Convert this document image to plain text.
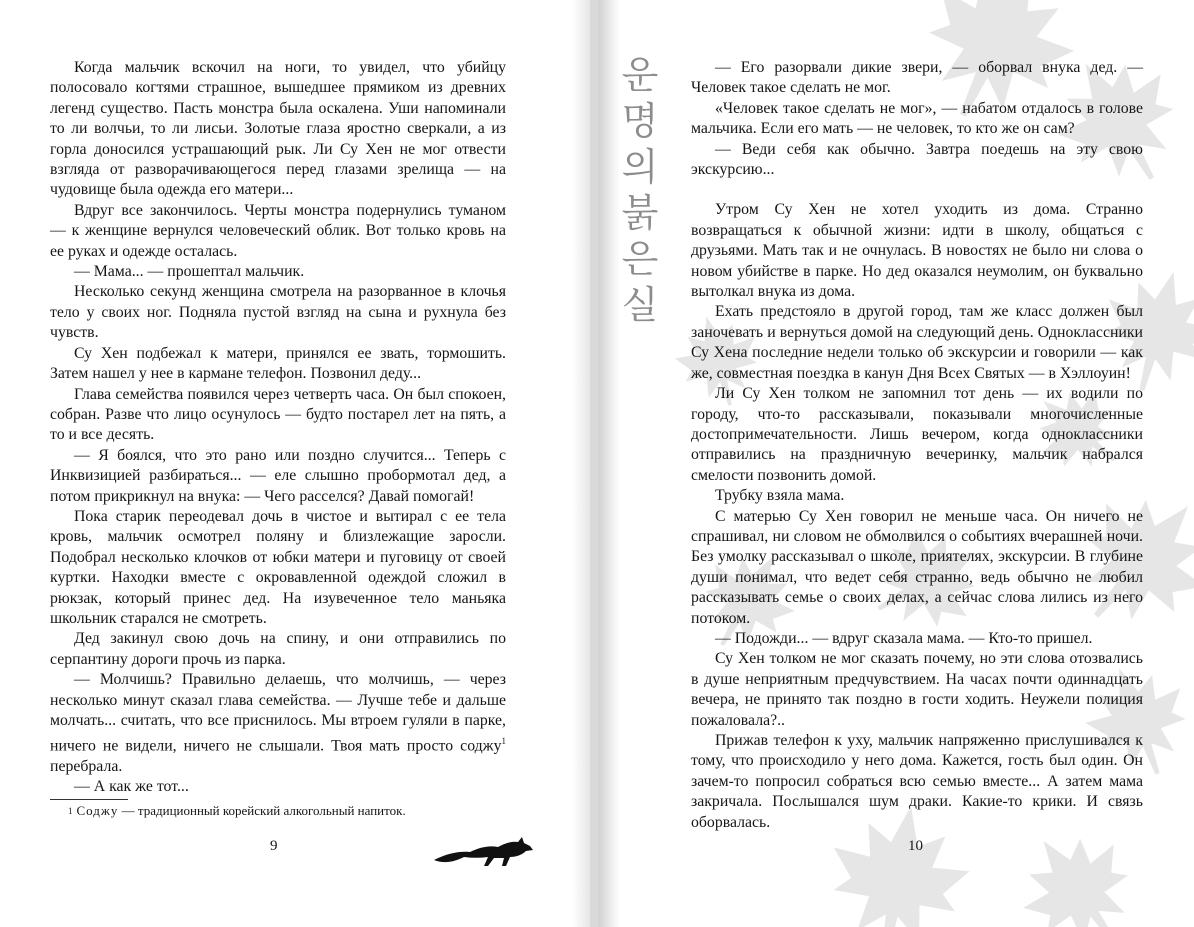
Когда мальчик вскочил на ноги, то увидел, что убийцу полосовало когтями страшное, вышедшее прямиком из древних легенд существо. Пасть монстра была оскалена. Уши напоминали то ли волчьи, то ли лисьи. Золотые глаза яростно сверкали, а из горла доносился устрашающий рык. Ли Су Хен не мог отвести взгляда от разворачивающегося перед глазами зрелища — на чудовище была одежда его матери...

Вдруг все закончилось. Черты монстра подернулись туманом — к женщине вернулся человеческий облик. Вот только кровь на ее руках и одежде осталась.

— Мама... — прошептал мальчик.

Несколько секунд женщина смотрела на разорванное в клочья тело у своих ног. Подняла пустой взгляд на сына и рухнула без чувств.

Су Хен подбежал к матери, принялся ее звать, тормошить. Затем нашел у нее в кармане телефон. Позвонил деду...

Глава семейства появился через четверть часа. Он был спокоен, собран. Разве что лицо осунулось — будто постарел лет на пять, а то и все десять.

— Я боялся, что это рано или поздно случится... Теперь с Инквизицией разбираться... — еле слышно пробормотал дед, а потом прикрикнул на внука: — Чего расселся? Давай помогай!

Пока старик переодевал дочь в чистое и вытирал с ее тела кровь, мальчик осмотрел поляну и близлежащие заросли. Подобрал несколько клочков от юбки матери и пуговицу от своей куртки. Находки вместе с окровавленной одеждой сложил в рюкзак, который принес дед. На изувеченное тело маньяка школьник старался не смотреть.

Дед закинул свою дочь на спину, и они отправились по серпантину дороги прочь из парка.

— Молчишь? Правильно делаешь, что молчишь, — через несколько минут сказал глава семейства. — Лучше тебе и дальше молчать... считать, что все приснилось. Мы втроем гуляли в парке, ничего не видели, ничего не слышали. Твоя мать просто соджу$^1$ перебрала.

— А как же тот...

$^1$ Соджу — традиционный корейский алкогольный напиток.
9
운명의붉은실

— Его разорвали дикие звери, — оборвал внука дед. — Человек такое сделать не мог.

«Человек такое сделать не мог», — набатом отдалось в голове мальчика. Если его мать — не человек, то кто же он сам?

— Веди себя как обычно. Завтра поедешь на эту свою экскурсию...

Утром Су Хен не хотел уходить из дома. Странно возвращаться к обычной жизни: идти в школу, общаться с друзьями. Мать так и не очнулась. В новостях не было ни слова о новом убийстве в парке. Но дед оказался неумолим, он буквально вытолкал внука из дома.

Ехать предстояло в другой город, там же класс должен был заночевать и вернуться домой на следующий день. Одноклассники Су Хена последние недели только об экскурсии и говорили — как же, совместная поездка в канун Дня Всех Святых — в Хэллоуин!

Ли Су Хен толком не запомнил тот день — их водили по городу, что-то рассказывали, показывали многочисленные достопримечательности. Лишь вечером, когда одноклассники отправились на праздничную вечеринку, мальчик набрался смелости позвонить домой.

Трубку взяла мама.

С матерью Су Хен говорил не меньше часа. Он ничего не спрашивал, ни словом не обмолвился о событиях вчерашней ночи. Без умолку рассказывал о школе, приятелях, экскурсии. В глубине души понимал, что ведет себя странно, ведь обычно не любил рассказывать семье о своих делах, а сейчас слова лились из него потоком.

— Подожди... — вдруг сказала мама. — Кто-то пришел.

Су Хен толком не мог сказать почему, но эти слова отозвались в душе неприятным предчувствием. На часах почти одиннадцать вечера, не принято так поздно в гости ходить. Неужели полиция пожаловала?..

Прижав телефон к уху, мальчик напряженно прислушивался к тому, что происходило у него дома. Кажется, гость был один. Он зачем-то попросил собраться всю семью вместе... А затем мама закричала. Послышался шум драки. Какие-то крики. И связь оборвалась.

10
